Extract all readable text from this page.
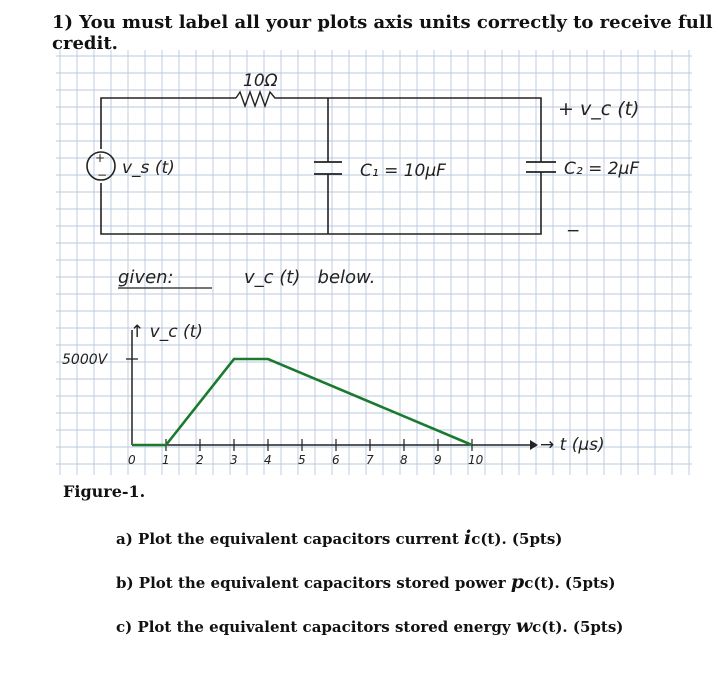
1) You must label all your plots axis units correctly to receive full credit.
+
− v_s (t)
10Ω
C₁ = 10μF	C₂ = 2μF
+ v_c (t)
−
given:	v_c (t)   below.
↑ v_c (t)
→ t (μs)
5000V
0 1 2 3 4 5 6 7 8 9 10
Figure-1.
a) Plot the equivalent capacitors current ic(t). (5pts)
b) Plot the equivalent capacitors stored power pc(t). (5pts)
c) Plot the equivalent capacitors stored energy wc(t). (5pts)
